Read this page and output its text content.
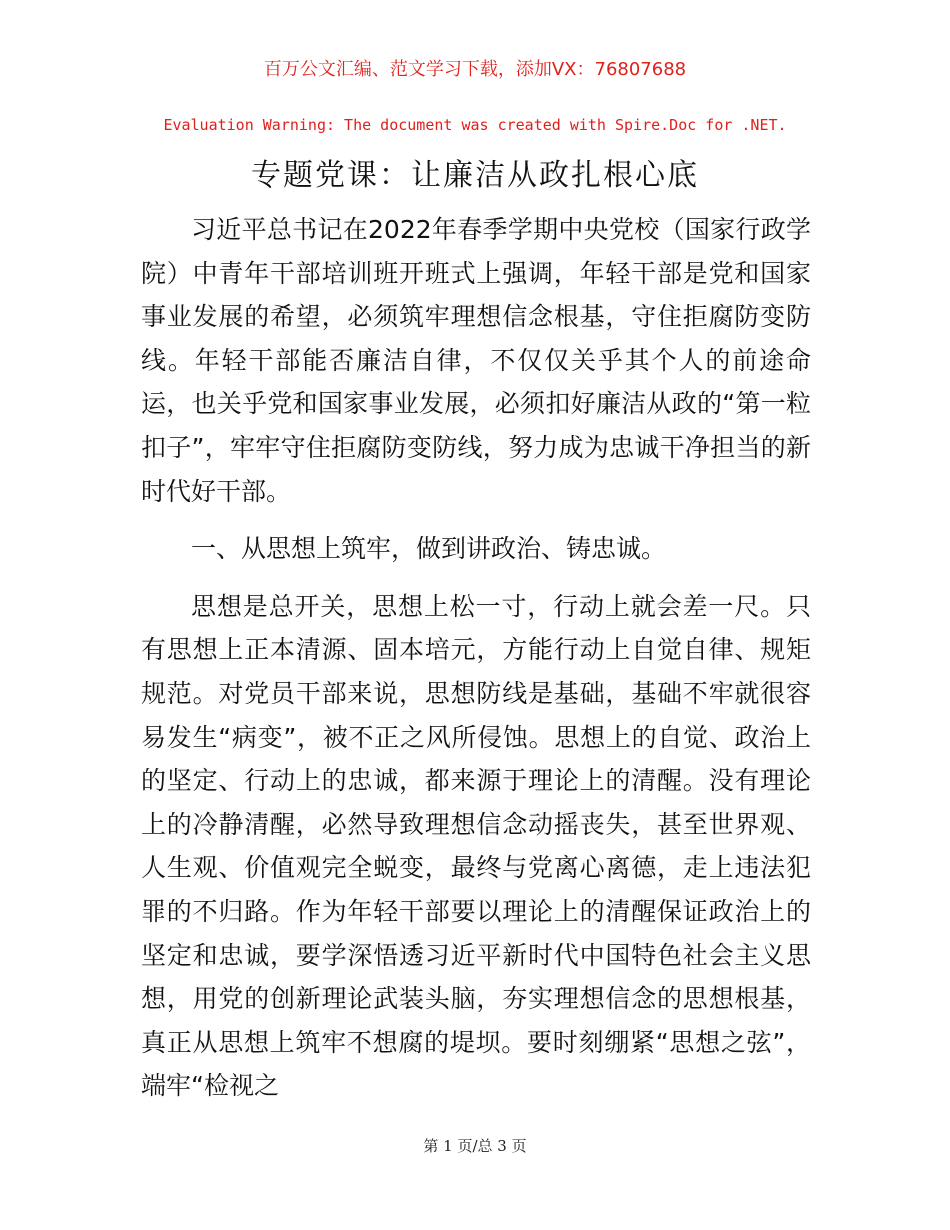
百万公文汇编、范文学习下载，添加VX：76807688
Evaluation Warning: The document was created with Spire.Doc for .NET.
专题党课：让廉洁从政扎根心底

习近平总书记在2022年春季学期中央党校（国家行政学院）中青年干部培训班开班式上强调，年轻干部是党和国家事业发展的希望，必须筑牢理想信念根基，守住拒腐防变防线。年轻干部能否廉洁自律，不仅仅关乎其个人的前途命运，也关乎党和国家事业发展，必须扣好廉洁从政的“第一粒扣子”，牢牢守住拒腐防变防线，努力成为忠诚干净担当的新时代好干部。

一、从思想上筑牢，做到讲政治、铸忠诚。

思想是总开关，思想上松一寸，行动上就会差一尺。只有思想上正本清源、固本培元，方能行动上自觉自律、规矩规范。对党员干部来说，思想防线是基础，基础不牢就很容易发生“病变”，被不正之风所侵蚀。思想上的自觉、政治上的坚定、行动上的忠诚，都来源于理论上的清醒。没有理论上的冷静清醒，必然导致理想信念动摇丧失，甚至世界观、人生观、价值观完全蜕变，最终与党离心离德，走上违法犯罪的不归路。作为年轻干部要以理论上的清醒保证政治上的坚定和忠诚，要学深悟透习近平新时代中国特色社会主义思想，用党的创新理论武装头脑，夯实理想信念的思想根基，真正从思想上筑牢不想腐的堤坝。要时刻绷紧“思想之弦”，端牢“检视之

第 1 页/总 3 页
